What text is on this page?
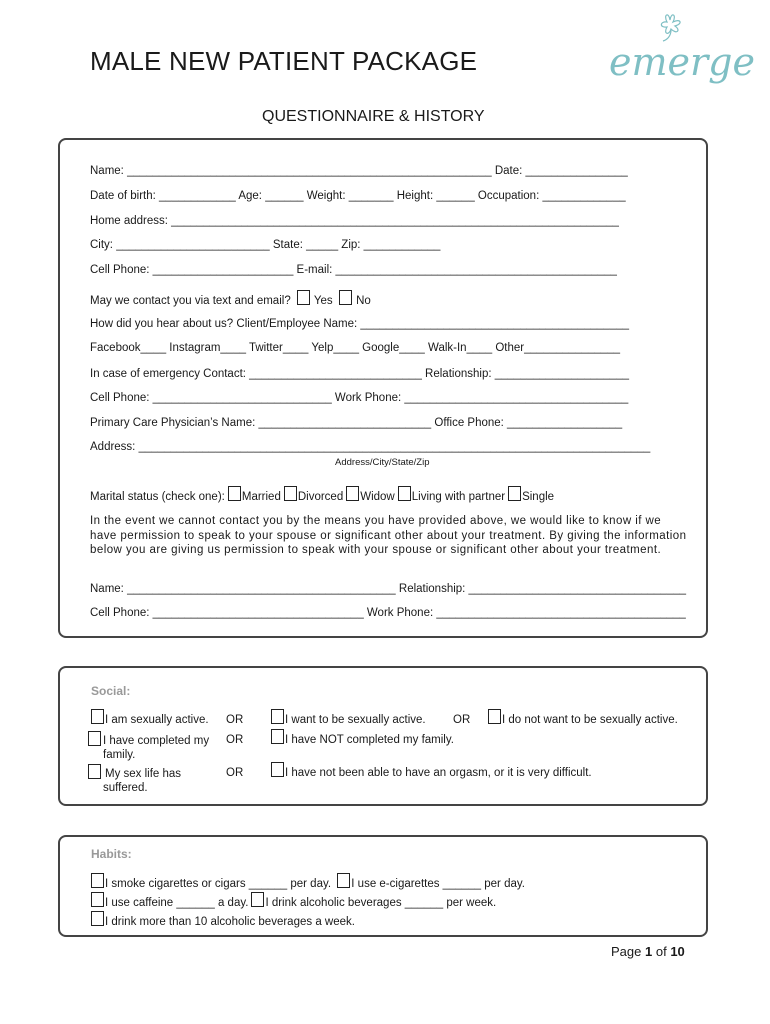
MALE NEW PATIENT PACKAGE
QUESTIONNAIRE & HISTORY
emerge
Name: _________________________________________________________ Date: ________________
Date of birth: ____________ Age: ______ Weight: _______ Height: ______ Occupation: _____________
Home address: ______________________________________________________________________
City: ________________________ State: _____ Zip: ____________
Cell Phone: ______________________ E-mail: ____________________________________________
May we contact you via text and email? Yes No
How did you hear about us? Client/Employee Name: __________________________________________
Facebook____ Instagram____ Twitter____ Yelp____ Google____ Walk-In____ Other_______________
In case of emergency Contact: ___________________________ Relationship: _____________________
Cell Phone: ____________________________ Work Phone: ___________________________________
Primary Care Physician’s Name: ___________________________ Office Phone: __________________
Address: ________________________________________________________________________________
Address/City/State/Zip
Marital status (check one): Married Divorced Widow Living with partner Single
In the event we cannot contact you by the means you have provided above, we would like to know if we have permission to speak to your spouse or significant other about your treatment. By giving the information below you are giving us permission to speak with your spouse or significant other about your treatment.
Name: __________________________________________ Relationship: __________________________________
Cell Phone: _________________________________ Work Phone: _______________________________________
Social:
I am sexually active. OR	I want to be sexually active. OR	I do not want to be sexually active.
I have completed my family.
OR	I have NOT completed my family.
My sex life has suffered.
OR	I have not been able to have an orgasm, or it is very difficult.
Habits:
I smoke cigarettes or cigars ______ per day. I use e-cigarettes ______ per day.
I use caffeine ______ a day. I drink alcoholic beverages ______ per week.
I drink more than 10 alcoholic beverages a week.
Page 1 of 10
